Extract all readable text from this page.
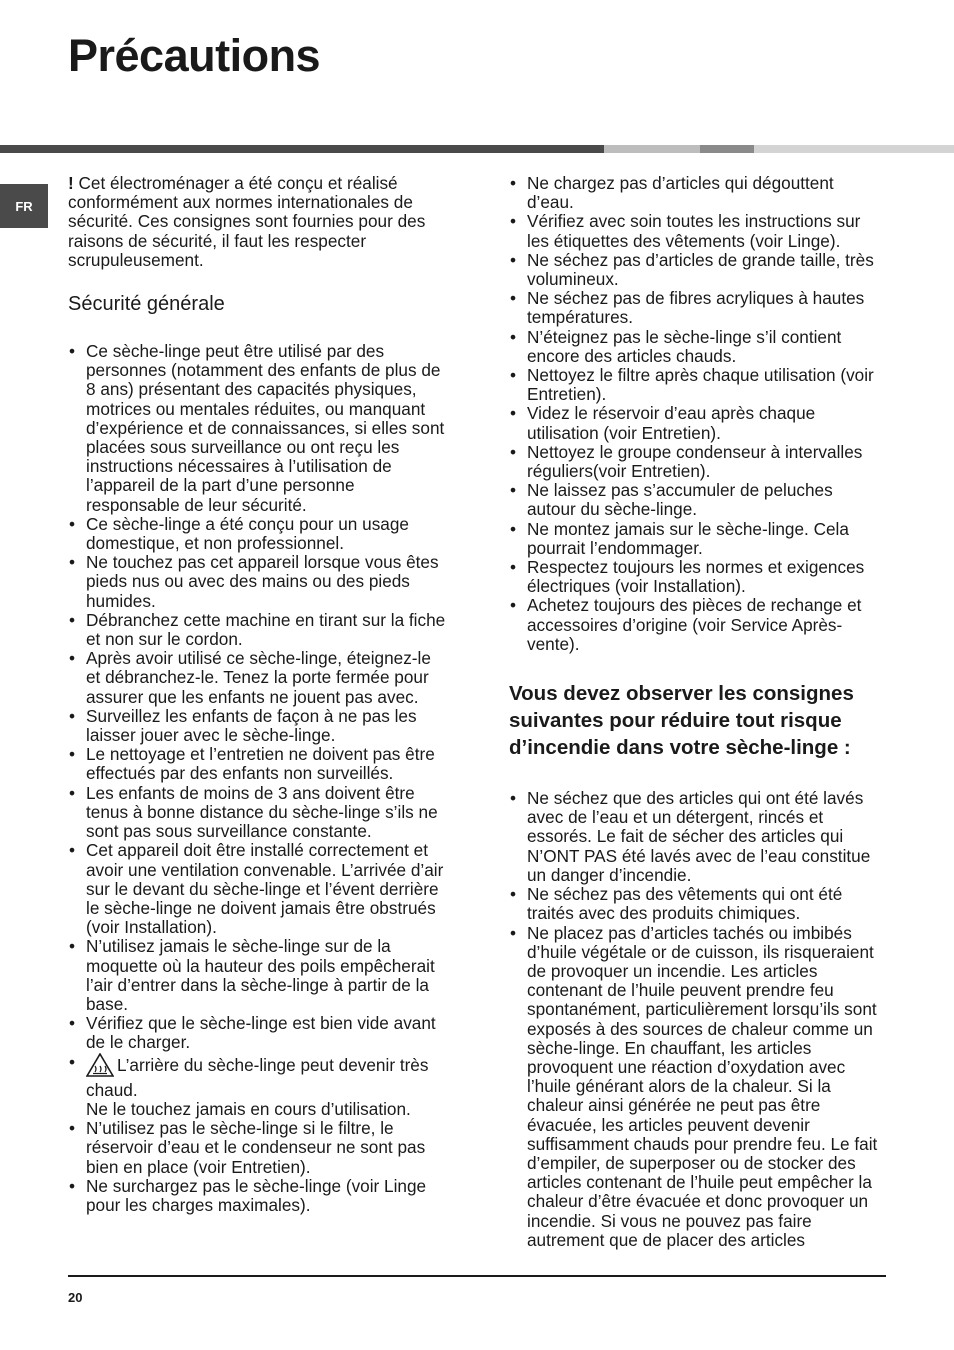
Précautions
FR

! Cet électroménager a été conçu et réalisé conformément aux normes internationales de sécurité. Ces consignes sont fournies pour des raisons de sécurité, il faut les respecter scrupuleusement.

Sécurité générale
• Ce sèche-linge peut être utilisé par des personnes (notamment des enfants de plus de 8 ans) présentant des capacités physiques, motrices ou mentales réduites, ou manquant d’expérience et de connaissances, si elles sont placées sous surveillance ou ont reçu les instructions nécessaires à l’utilisation de l’appareil de la part d’une personne responsable de leur sécurité.
• Ce sèche-linge a été conçu pour un usage domestique, et non professionnel.
• Ne touchez pas cet appareil lorsque vous êtes pieds nus ou avec des mains ou des pieds humides.
• Débranchez cette machine en tirant sur la fiche et non sur le cordon.
• Après avoir utilisé ce sèche-linge, éteignez-le et débranchez-le. Tenez la porte fermée pour assurer que les enfants ne jouent pas avec.
• Surveillez les enfants de façon à ne pas les laisser jouer avec le sèche-linge.
• Le nettoyage et l’entretien ne doivent pas être effectués par des enfants non surveillés.
• Les enfants de moins de 3 ans doivent être tenus à bonne distance du sèche-linge s’ils ne sont pas sous surveillance constante.
• Cet appareil doit être installé correctement et avoir une ventilation convenable. L’arrivée d’air sur le devant du sèche-linge et l’évent derrière le sèche-linge ne doivent jamais être obstrués (voir Installation).
• N’utilisez jamais le sèche-linge sur de la moquette où la hauteur des poils empêcherait l’air d’entrer dans la sèche-linge à partir de la base.
• Vérifiez que le sèche-linge est bien vide avant de le charger.
• L’arrière du sèche-linge peut devenir très chaud.
Ne le touchez jamais en cours d’utilisation.
• N’utilisez pas le sèche-linge si le filtre, le réservoir d’eau et le condenseur ne sont pas bien en place (voir Entretien).
• Ne surchargez pas le sèche-linge (voir Linge pour les charges maximales).
• Ne chargez pas d’articles qui dégouttent d’eau.
• Vérifiez avec soin toutes les instructions sur les étiquettes des vêtements (voir Linge).
• Ne séchez pas d’articles de grande taille, très volumineux.
• Ne séchez pas de fibres acryliques à hautes températures.
• N’éteignez pas le sèche-linge s’il contient encore des articles chauds.
• Nettoyez le filtre après chaque utilisation (voir Entretien).
• Videz le réservoir d’eau après chaque utilisation (voir Entretien).
• Nettoyez le groupe condenseur à intervalles réguliers(voir Entretien).
• Ne laissez pas s’accumuler de peluches autour du sèche-linge.
• Ne montez jamais sur le sèche-linge. Cela pourrait l’endommager.
• Respectez toujours les normes et exigences électriques (voir Installation).
• Achetez toujours des pièces de rechange et accessoires d’origine (voir Service Après-vente).
Vous devez observer les consignes suivantes pour réduire tout risque d’incendie dans votre sèche-linge :
• Ne séchez que des articles qui ont été lavés avec de l’eau et un détergent, rincés et essorés. Le fait de sécher des articles qui N’ONT PAS été lavés avec de l’eau constitue un danger d’incendie.
• Ne séchez pas des vêtements qui ont été traités avec des produits chimiques.
• Ne placez pas d’articles tachés ou imbibés d’huile végétale or de cuisson, ils risqueraient de provoquer un incendie. Les articles contenant de l’huile peuvent prendre feu spontanément, particulièrement lorsqu’ils sont exposés à des sources de chaleur comme un sèche-linge. En chauffant, les articles provoquent une réaction d’oxydation avec l’huile générant alors de la chaleur. Si la chaleur ainsi générée ne peut pas être évacuée, les articles peuvent devenir suffisamment chauds pour prendre feu. Le fait d’empiler, de superposer ou de stocker des articles contenant de l’huile peut empêcher la chaleur d’être évacuée et donc provoquer un incendie. Si vous ne pouvez pas faire autrement que de placer des articles
20
